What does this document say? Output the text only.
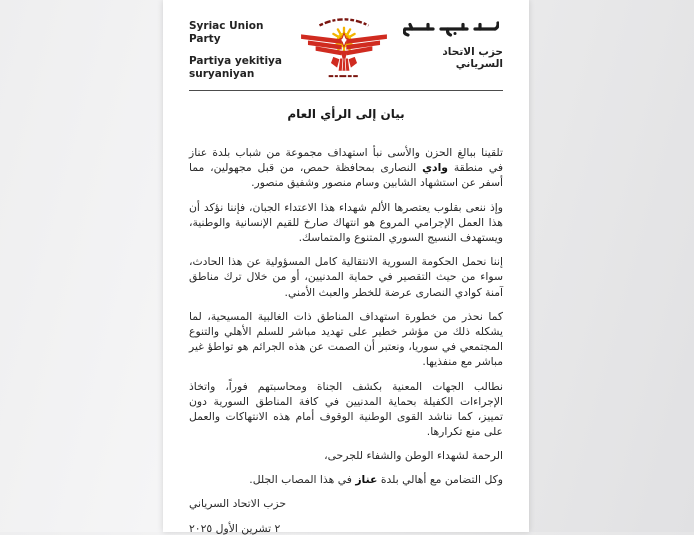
Syriac Union Party
Partiya yekitiya
suryaniyan
حزب الاتحاد السرياني
بيان إلى الرأي العام

تلقينا ببالغ الحزن والأسى نبأ استهداف مجموعة من شباب بلدة عناز في منطقة وادي النصارى بمحافظة حمص، من قبل مجهولين، مما أسفر عن استشهاد الشابين وسام منصور وشفيق منصور.

وإذ ننعى بقلوب يعتصرها الألم شهداء هذا الاعتداء الجبان، فإننا نؤكد أن هذا العمل الإجرامي المروع هو انتهاك صارخ للقيم الإنسانية والوطنية، ويستهدف النسيج السوري المتنوع والمتماسك.

إننا نحمل الحكومة السورية الانتقالية كامل المسؤولية عن هذا الحادث، سواء من حيث التقصير في حماية المدنيين، أو من خلال ترك مناطق آمنة كوادي النصارى عرضة للخطر والعبث الأمني.

كما نحذر من خطورة استهداف المناطق ذات الغالبية المسيحية، لما يشكله ذلك من مؤشر خطير على تهديد مباشر للسلم الأهلي والتنوع المجتمعي في سوريا، ونعتبر أن الصمت عن هذه الجرائم هو تواطؤ غير مباشر مع منفذيها.

نطالب الجهات المعنية بكشف الجناة ومحاسبتهم فوراً، واتخاذ الإجراءات الكفيلة بحماية المدنيين في كافة المناطق السورية دون تمييز، كما نناشد القوى الوطنية الوقوف أمام هذه الانتهاكات والعمل على منع تكرارها.

الرحمة لشهداء الوطن والشفاء للجرحى،

وكل التضامن مع أهالي بلدة عناز في هذا المصاب الجلل.

حزب الاتحاد السرياني
٢ تشرين الأول ٢٠٢٥
